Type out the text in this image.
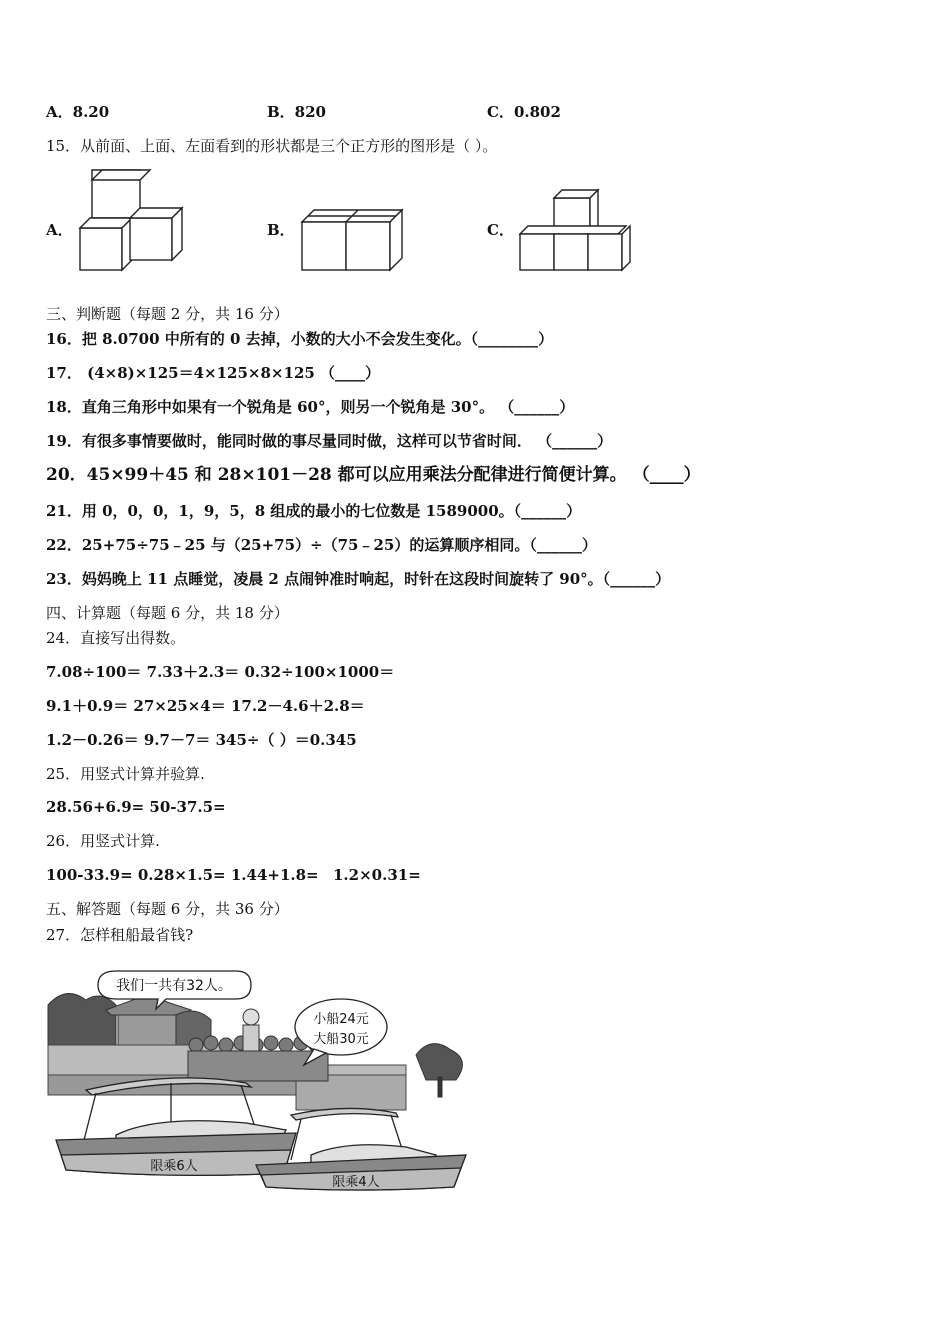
A．8.20	B．820	C．0.802
15．从前面、上面、左面看到的形状都是三个正方形的图形是（ ）。
A．	B．	C．
三、判断题（每题 2 分，共 16 分）
16．把 8.0700 中所有的 0 去掉，小数的大小不会发生变化。（________）
17． (4×8)×125＝4×125×8×125 （____）
18．直角三角形中如果有一个锐角是 60°，则另一个锐角是 30°。 （______）
19．有很多事情要做时，能同时做的事尽量同时做，这样可以节省时间． （______）
20．45×99＋45 和 28×101－28 都可以应用乘法分配律进行简便计算。 （____）
21．用 0，0，0，1，9，5，8 组成的最小的七位数是 1589000。（______）
22．25+75÷75﹣25 与（25+75）÷（75﹣25）的运算顺序相同。（______）
23．妈妈晚上 11 点睡觉，凌晨 2 点闹钟准时响起，时针在这段时间旋转了 90°。（______）
四、计算题（每题 6 分，共 18 分）
24．直接写出得数。
7.08÷100＝ 7.33＋2.3＝ 0.32÷100×1000＝
9.1＋0.9＝ 27×25×4＝ 17.2－4.6＋2.8＝
1.2－0.26＝ 9.7－7＝ 345÷（ ）＝0.345
25．用竖式计算并验算.
28.56+6.9= 50-37.5=
26．用竖式计算.
100-33.9= 0.28×1.5= 1.44+1.8= 1.2×0.31=
五、解答题（每题 6 分，共 36 分）
27．怎样租船最省钱?
我们一共有32人。
小船24元
大船30元
限乘6人
限乘4人
